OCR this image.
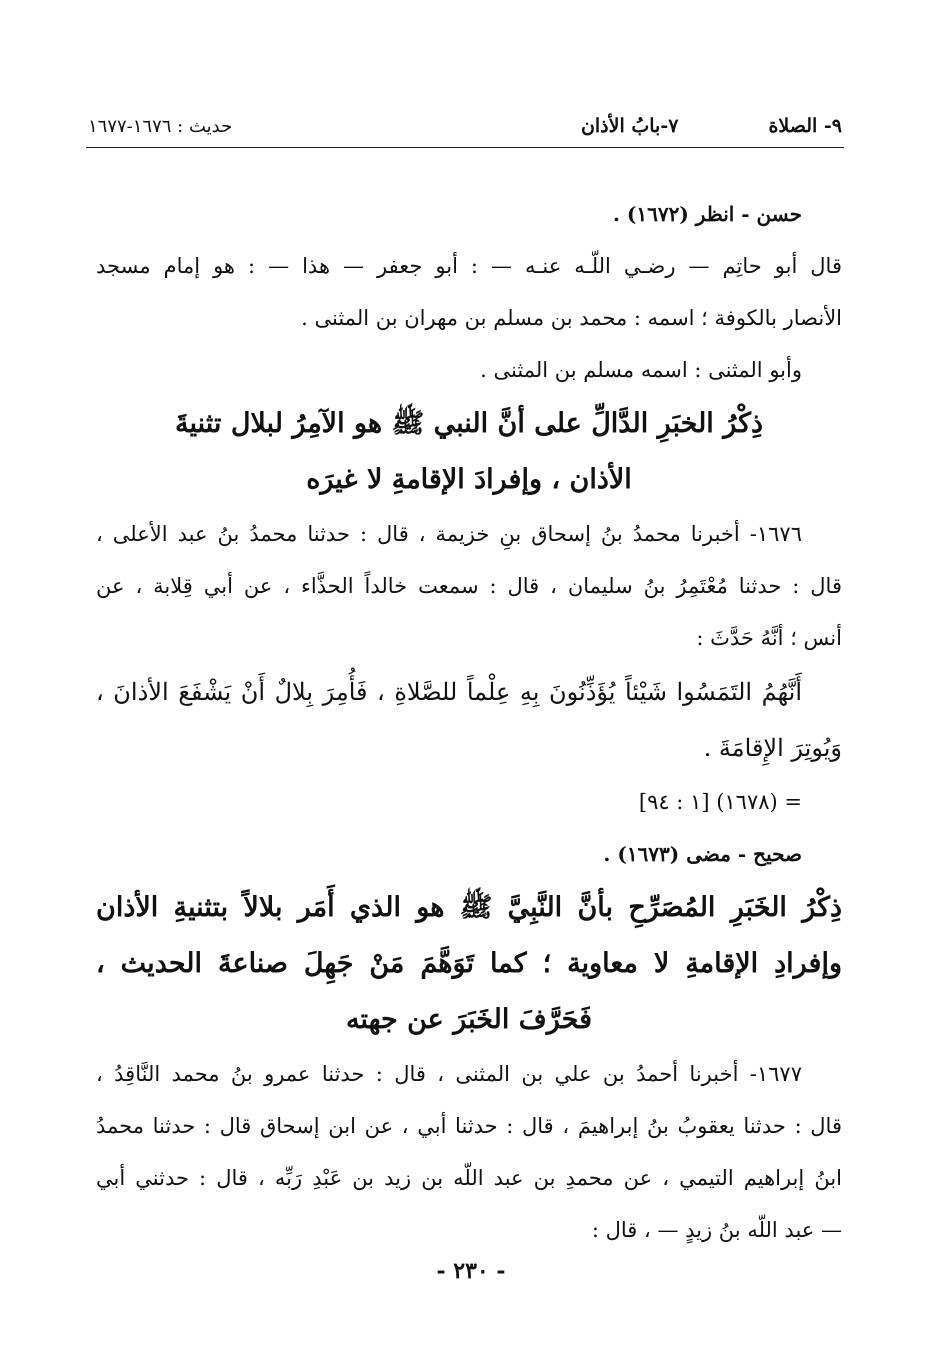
٩- الصلاة
٧-بابُ الأذان
حديث : ١٦٧٦-١٦٧٧
حسن - انظر (١٦٧٢) .
قال أبو حاتِم — رضـي اللّـه عنـه — : أبو جعفر — هذا — : هو إمام مسجد
الأنصار بالكوفة ؛ اسمه : محمد بن مسلم بن مهران بن المثنى .
وأبو المثنى : اسمه مسلم بن المثنى .
ذِكْرُ الخبَرِ الدَّالِّ على أنَّ النبي ﷺ هو الآمِرُ لبلال تثنيةَ
الأذان ، وإفرادَ الإقامةِ لا غيرَه
١٦٧٦- أخبرنا محمدُ بنُ إسحاق بنِ خزيمة ، قال : حدثنا محمدُ بنُ عبد الأعلى ،
قال : حدثنا مُعْتَمِرُ بنُ سليمان ، قال : سمعت خالداً الحذَّاء ، عن أبي قِلابة ، عن
أنس ؛ أنَّهُ حَدَّثَ :
أَنَّهُمُ التَمَسُوا شَيْئاً يُؤَذِّنُونَ بِهِ عِلْماً للصَّلاةِ ، فَأُمِرَ بِلالٌ أَنْ يَشْفَعَ الأذانَ ،
وَيُوتِرَ الإِقامَةَ .
= (١٦٧٨) [١ : ٩٤]
صحيح - مضى (١٦٧٣) .
ذِكْرُ الخَبَرِ المُصَرِّحِ بأنَّ النَّبِيَّ ﷺ هو الذي أَمَر بلالاً بتثنيةِ الأذان
وإفرادِ الإقامةِ لا معاوية ؛ كما تَوَهَّمَ مَنْ جَهِلَ صناعةَ الحديث ،
فَحَرَّفَ الخَبَرَ عن جهته
١٦٧٧- أخبرنا أحمدُ بن علي بن المثنى ، قال : حدثنا عمرو بنُ محمد النَّاقِدُ ،
قال : حدثنا يعقوبُ بنُ إبراهيمَ ، قال : حدثنا أبي ، عن ابن إسحاق قال : حدثنا محمدُ
ابنُ إبراهيم التيمي ، عن محمدِ بن عبد اللّه بن زيد بن عَبْدِ رَبِّه ، قال : حدثني أبي
— عبد اللّه بنُ زيدٍ — ، قال :
- ٢٣٠ -
